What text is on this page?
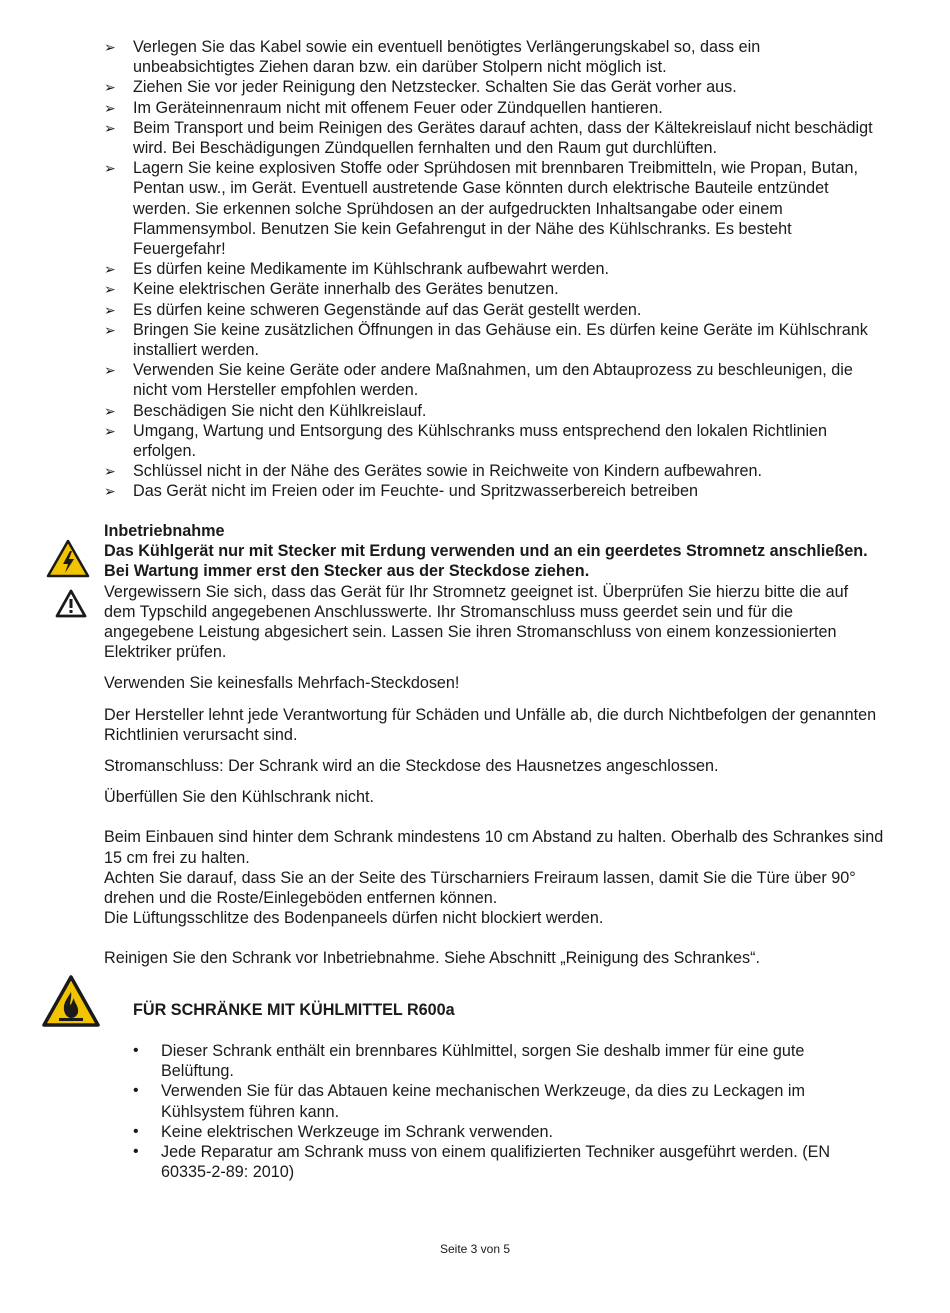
➢ Verlegen Sie das Kabel sowie ein eventuell benötigtes Verlängerungskabel so, dass ein unbeabsichtigtes Ziehen daran bzw. ein darüber Stolpern nicht möglich ist.
➢ Ziehen Sie vor jeder Reinigung den Netzstecker. Schalten Sie das Gerät vorher aus.
➢ Im Geräteinnenraum nicht mit offenem Feuer oder Zündquellen hantieren.
➢ Beim Transport und beim Reinigen des Gerätes darauf achten, dass der Kältekreislauf nicht beschädigt wird. Bei Beschädigungen Zündquellen fernhalten und den Raum gut durchlüften.
➢ Lagern Sie keine explosiven Stoffe oder Sprühdosen mit brennbaren Treibmitteln, wie Propan, Butan, Pentan usw., im Gerät. Eventuell austretende Gase könnten durch elektrische Bauteile entzündet werden. Sie erkennen solche Sprühdosen an der aufgedruckten Inhaltsangabe oder einem Flammensymbol. Benutzen Sie kein Gefahrengut in der Nähe des Kühlschranks. Es besteht Feuergefahr!
➢ Es dürfen keine Medikamente im Kühlschrank aufbewahrt werden.
➢ Keine elektrischen Geräte innerhalb des Gerätes benutzen.
➢ Es dürfen keine schweren Gegenstände auf das Gerät gestellt werden.
➢ Bringen Sie keine zusätzlichen Öffnungen in das Gehäuse ein. Es dürfen keine Geräte im Kühlschrank installiert werden.
➢ Verwenden Sie keine Geräte oder andere Maßnahmen, um den Abtauprozess zu beschleunigen, die nicht vom Hersteller empfohlen werden.
➢ Beschädigen Sie nicht den Kühlkreislauf.
➢ Umgang, Wartung und Entsorgung des Kühlschranks muss entsprechend den lokalen Richtlinien erfolgen.
➢ Schlüssel nicht in der Nähe des Gerätes sowie in Reichweite von Kindern aufbewahren.
➢ Das Gerät nicht im Freien oder im Feuchte- und Spritzwasserbereich betreiben

Inbetriebnahme

Das Kühlgerät nur mit Stecker mit Erdung verwenden und an ein geerdetes Stromnetz anschließen. Bei Wartung immer erst den Stecker aus der Steckdose ziehen.

Vergewissern Sie sich, dass das Gerät für Ihr Stromnetz geeignet ist. Überprüfen Sie hierzu bitte die auf dem Typschild angegebenen Anschlusswerte. Ihr Stromanschluss muss geerdet sein und für die angegebene Leistung abgesichert sein. Lassen Sie ihren Stromanschluss von einem konzessionierten Elektriker prüfen.

Verwenden Sie keinesfalls Mehrfach-Steckdosen!

Der Hersteller lehnt jede Verantwortung für Schäden und Unfälle ab, die durch Nichtbefolgen der genannten Richtlinien verursacht sind.

Stromanschluss: Der Schrank wird an die Steckdose des Hausnetzes angeschlossen.

Überfüllen Sie den Kühlschrank nicht.

Beim Einbauen sind hinter dem Schrank mindestens 10 cm Abstand zu halten. Oberhalb des Schrankes sind 15 cm frei zu halten.

Achten Sie darauf, dass Sie an der Seite des Türscharniers Freiraum lassen, damit Sie die Türe über 90° drehen und die Roste/Einlegeböden entfernen können.

Die Lüftungsschlitze des Bodenpaneels dürfen nicht blockiert werden.

Reinigen Sie den Schrank vor Inbetriebnahme. Siehe Abschnitt „Reinigung des Schrankes“.

FÜR SCHRÄNKE MIT KÜHLMITTEL R600a
• Dieser Schrank enthält ein brennbares Kühlmittel, sorgen Sie deshalb immer für eine gute Belüftung.
• Verwenden Sie für das Abtauen keine mechanischen Werkzeuge, da dies zu Leckagen im Kühlsystem führen kann.
• Keine elektrischen Werkzeuge im Schrank verwenden.
• Jede Reparatur am Schrank muss von einem qualifizierten Techniker ausgeführt werden. (EN 60335-2-89: 2010)
Seite 3 von 5
